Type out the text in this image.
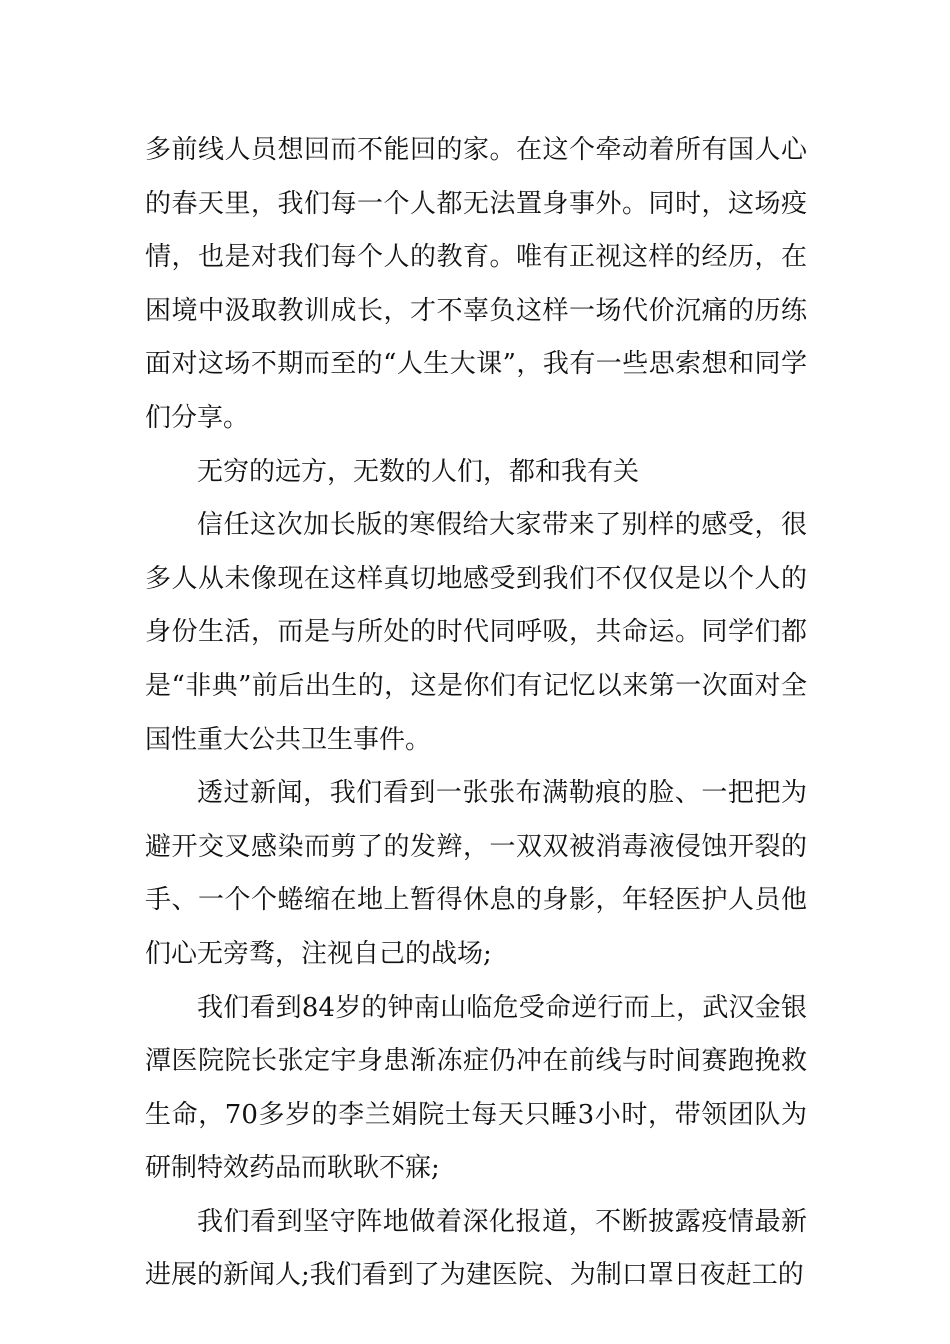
多前线人员想回而不能回的家。在这个牵动着所有国人心的春天里，我们每一个人都无法置身事外。同时，这场疫情，也是对我们每个人的教育。唯有正视这样的经历，在困境中汲取教训成长，才不辜负这样一场代价沉痛的历练面对这场不期而至的“人生大课”，我有一些思索想和同学们分享。

无穷的远方，无数的人们，都和我有关

信任这次加长版的寒假给大家带来了别样的感受，很多人从未像现在这样真切地感受到我们不仅仅是以个人的身份生活，而是与所处的时代同呼吸，共命运。同学们都是“非典”前后出生的，这是你们有记忆以来第一次面对全国性重大公共卫生事件。

透过新闻，我们看到一张张布满勒痕的脸、一把把为避开交叉感染而剪了的发辫，一双双被消毒液侵蚀开裂的手、一个个蜷缩在地上暂得休息的身影，年轻医护人员他们心无旁骛，注视自己的战场;

我们看到84岁的钟南山临危受命逆行而上，武汉金银潭医院院长张定宇身患渐冻症仍冲在前线与时间赛跑挽救生命，70多岁的李兰娟院士每天只睡3小时，带领团队为研制特效药品而耿耿不寐;

我们看到坚守阵地做着深化报道，不断披露疫情最新进展的新闻人;我们看到了为建医院、为制口罩日夜赶工的
